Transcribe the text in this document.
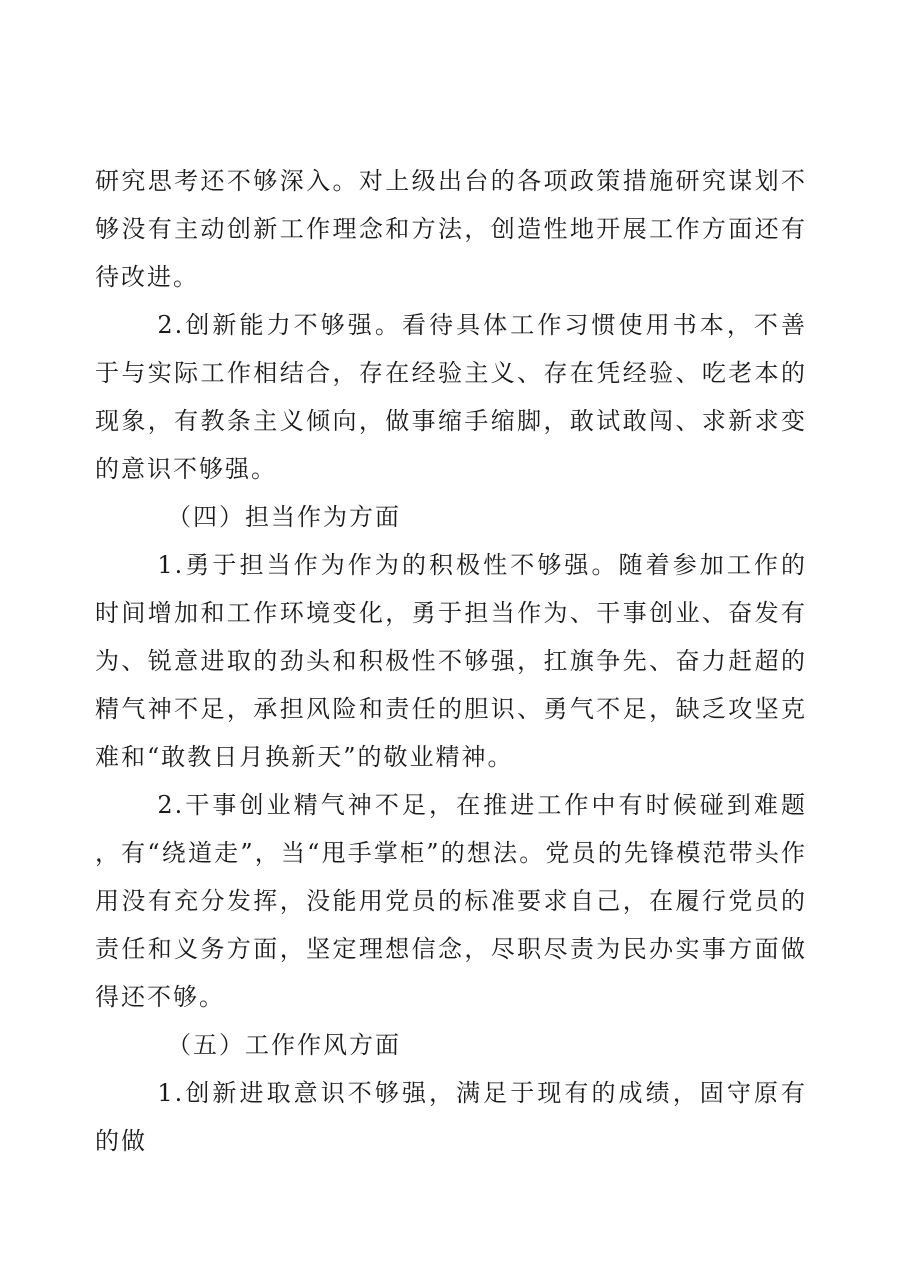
研究思考还不够深入。对上级出台的各项政策措施研究谋划不够没有主动创新工作理念和方法，创造性地开展工作方面还有待改进。

2.创新能力不够强。看待具体工作习惯使用书本，不善于与实际工作相结合，存在经验主义、存在凭经验、吃老本的现象，有教条主义倾向，做事缩手缩脚，敢试敢闯、求新求变的意识不够强。

（四）担当作为方面

1.勇于担当作为作为的积极性不够强。随着参加工作的时间增加和工作环境变化，勇于担当作为、干事创业、奋发有为、锐意进取的劲头和积极性不够强，扛旗争先、奋力赶超的精气神不足，承担风险和责任的胆识、勇气不足，缺乏攻坚克难和“敢教日月换新天”的敬业精神。

2.干事创业精气神不足，在推进工作中有时候碰到难题，有“绕道走”，当“甩手掌柜”的想法。党员的先锋模范带头作用没有充分发挥，没能用党员的标准要求自己，在履行党员的责任和义务方面，坚定理想信念，尽职尽责为民办实事方面做得还不够。

（五）工作作风方面

1.创新进取意识不够强，满足于现有的成绩，固守原有的做
